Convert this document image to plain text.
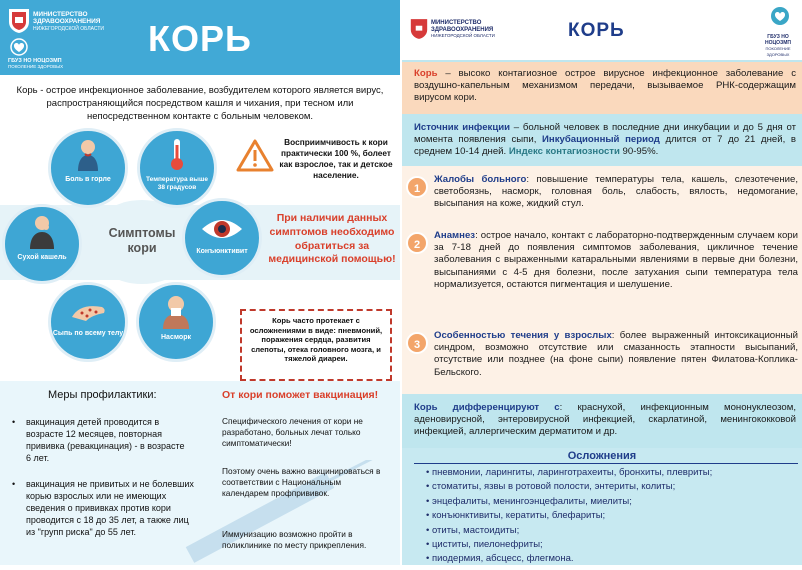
МИНИСТЕРСТВО
ЗДРАВООХРАНЕНИЯ
НИЖЕГОРОДСКОЙ ОБЛАСТИ
ГБУЗ НО НОЦОЗМП
ПОКОЛЕНИЕ ЗДОРОВЫХ
КОРЬ
Корь - острое инфекционное заболевание, возбудителем которого является вирус, распространяющийся посредством кашля и чихания, при тесном или непосредственном контакте с больным человеком.
Симптомы кори
Боль в горле	Температура выше 38 градусов
Конъюнктивит
Насморк
Сыпь по всему телу
Сухой кашель
Восприимчивость к кори практически 100 %, болеет как взрослое, так и детское население.
При наличии данных симптомов необходимо обратиться за медицинской помощью!
Корь часто протекает с осложнениями в виде: пневмоний, поражения сердца, развития слепоты, отека головного мозга, и тяжелой диареи.
Меры профилактики:
•	вакцинация детей проводится в возрасте 12 месяцев, повторная прививка (ревакцинация) - в возрасте 6 лет.
•	вакцинация не привитых и не болевших корью взрослых или не имеющих сведения о прививках против кори проводится с 18 до 35 лет, а также лиц из "групп риска" до 55 лет.
От кори поможет вакцинация!
Специфического лечения от кори не разработано, больных лечат только симптоматически!
Поэтому очень важно вакцинироваться в соответствии с Национальным календарем профпрививок.
Иммунизацию возможно пройти в поликлинике по месту прикрепления.
МИНИСТЕРСТВО
ЗДРАВООХРАНЕНИЯ
НИЖЕГОРОДСКОЙ ОБЛАСТИ	КОРЬ	ГБУЗ НО НОЦОЗМП
ПОКОЛЕНИЕ ЗДОРОВЫХ
Корь – высоко контагиозное острое вирусное инфекционное заболевание с воздушно-капельным механизмом передачи, вызываемое РНК-содержащим вирусом кори.
Источник инфекции – больной человек в последние дни инкубации и до 5 дня от момента появления сыпи, Инкубационный период длится от 7 до 21 дней, в среднем 10-14 дней. Индекс контагиозности 90-95%.
1
Жалобы больного: повышение температуры тела, кашель, слезотечение, светобоязнь, насморк, головная боль, слабость, вялость, недомогание, высыпания на коже, жидкий стул.
2
Анамнез: острое начало, контакт с лабораторно-подтвержденным случаем кори за 7-18 дней до появления симптомов заболевания, цикличное течение заболевания с выраженными катаральными явлениями в первые дни болезни, высыпаниями с 4-5 дня болезни, после затухания сыпи температура тела нормализуется, остаются пигментация и шелушение.
3
Особенностью течения у взрослых: более выраженный интоксикационный синдром, возможно отсутствие или смазанность этапности высыпаний, отсутствие или позднее (на фоне сыпи) появление пятен Филатова-Коплика-Бельского.
Корь дифференцируют с: краснухой, инфекционным мононуклеозом, аденовирусной, энтеровирусной инфекцией, скарлатиной, менингококковой инфекцией, аллергическим дерматитом и др.
Осложнения
• пневмонии, ларингиты, ларинготрахеиты, бронхиты, плевриты;
• стоматиты, язвы в ротовой полости, энтериты, колиты;
• энцефалиты, менингоэнцефалиты, миелиты;
• конъюнктивиты, кератиты, блефариты;
• отиты, мастоидиты;
• циститы, пиелонефриты;
• пиодермия, абсцесс, флегмона.
